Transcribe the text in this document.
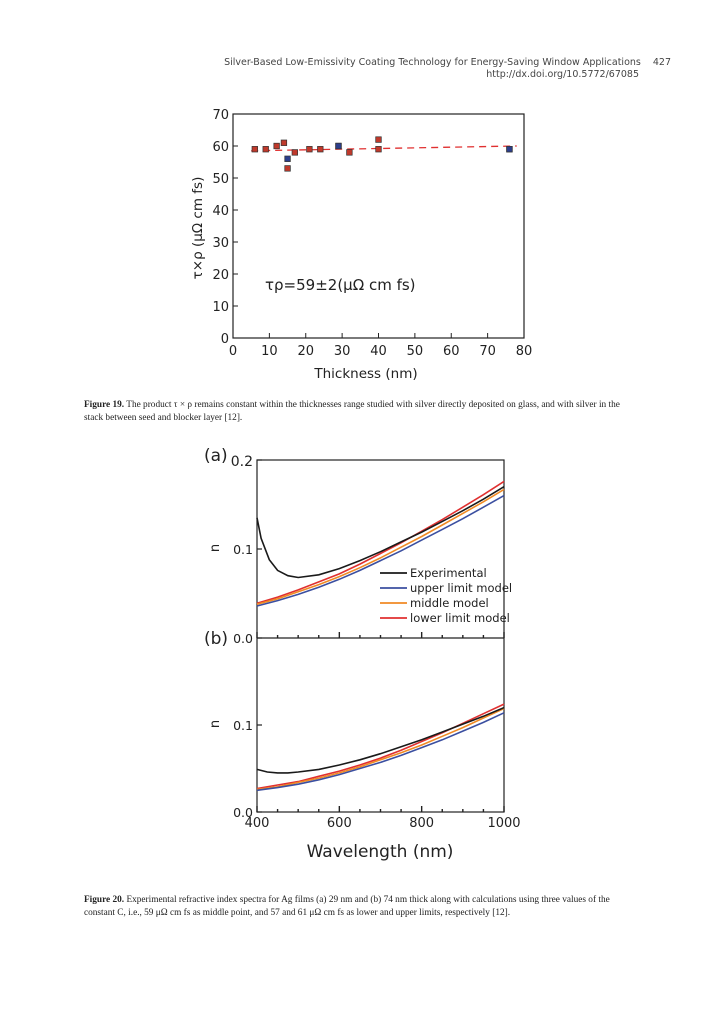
Silver-Based Low-Emissivity Coating Technology for Energy-Saving Window Applications 427
http://dx.doi.org/10.5772/67085
0 10 20 30 40 50 60 70 80
0
10
20
30
40
50
60
70
τρ=59±2(μΩ cm fs)
Thickness (nm)
τ×ρ (μΩ cm fs)
Figure 19. The product τ × ρ remains constant within the thicknesses range studied with silver directly deposited on glass, and with silver in the stack between seed and blocker layer [12].
0.0
0.1
0.2
0.0
0.1
400	600	800	1000
Experimental
upper limit model
middle model
lower limit model
(a)
(b)
n
n
Wavelength (nm)
Figure 20. Experimental refractive index spectra for Ag films (a) 29 nm and (b) 74 nm thick along with calculations using three values of the constant C, i.e., 59 μΩ cm fs as middle point, and 57 and 61 μΩ cm fs as lower and upper limits, respectively [12].
